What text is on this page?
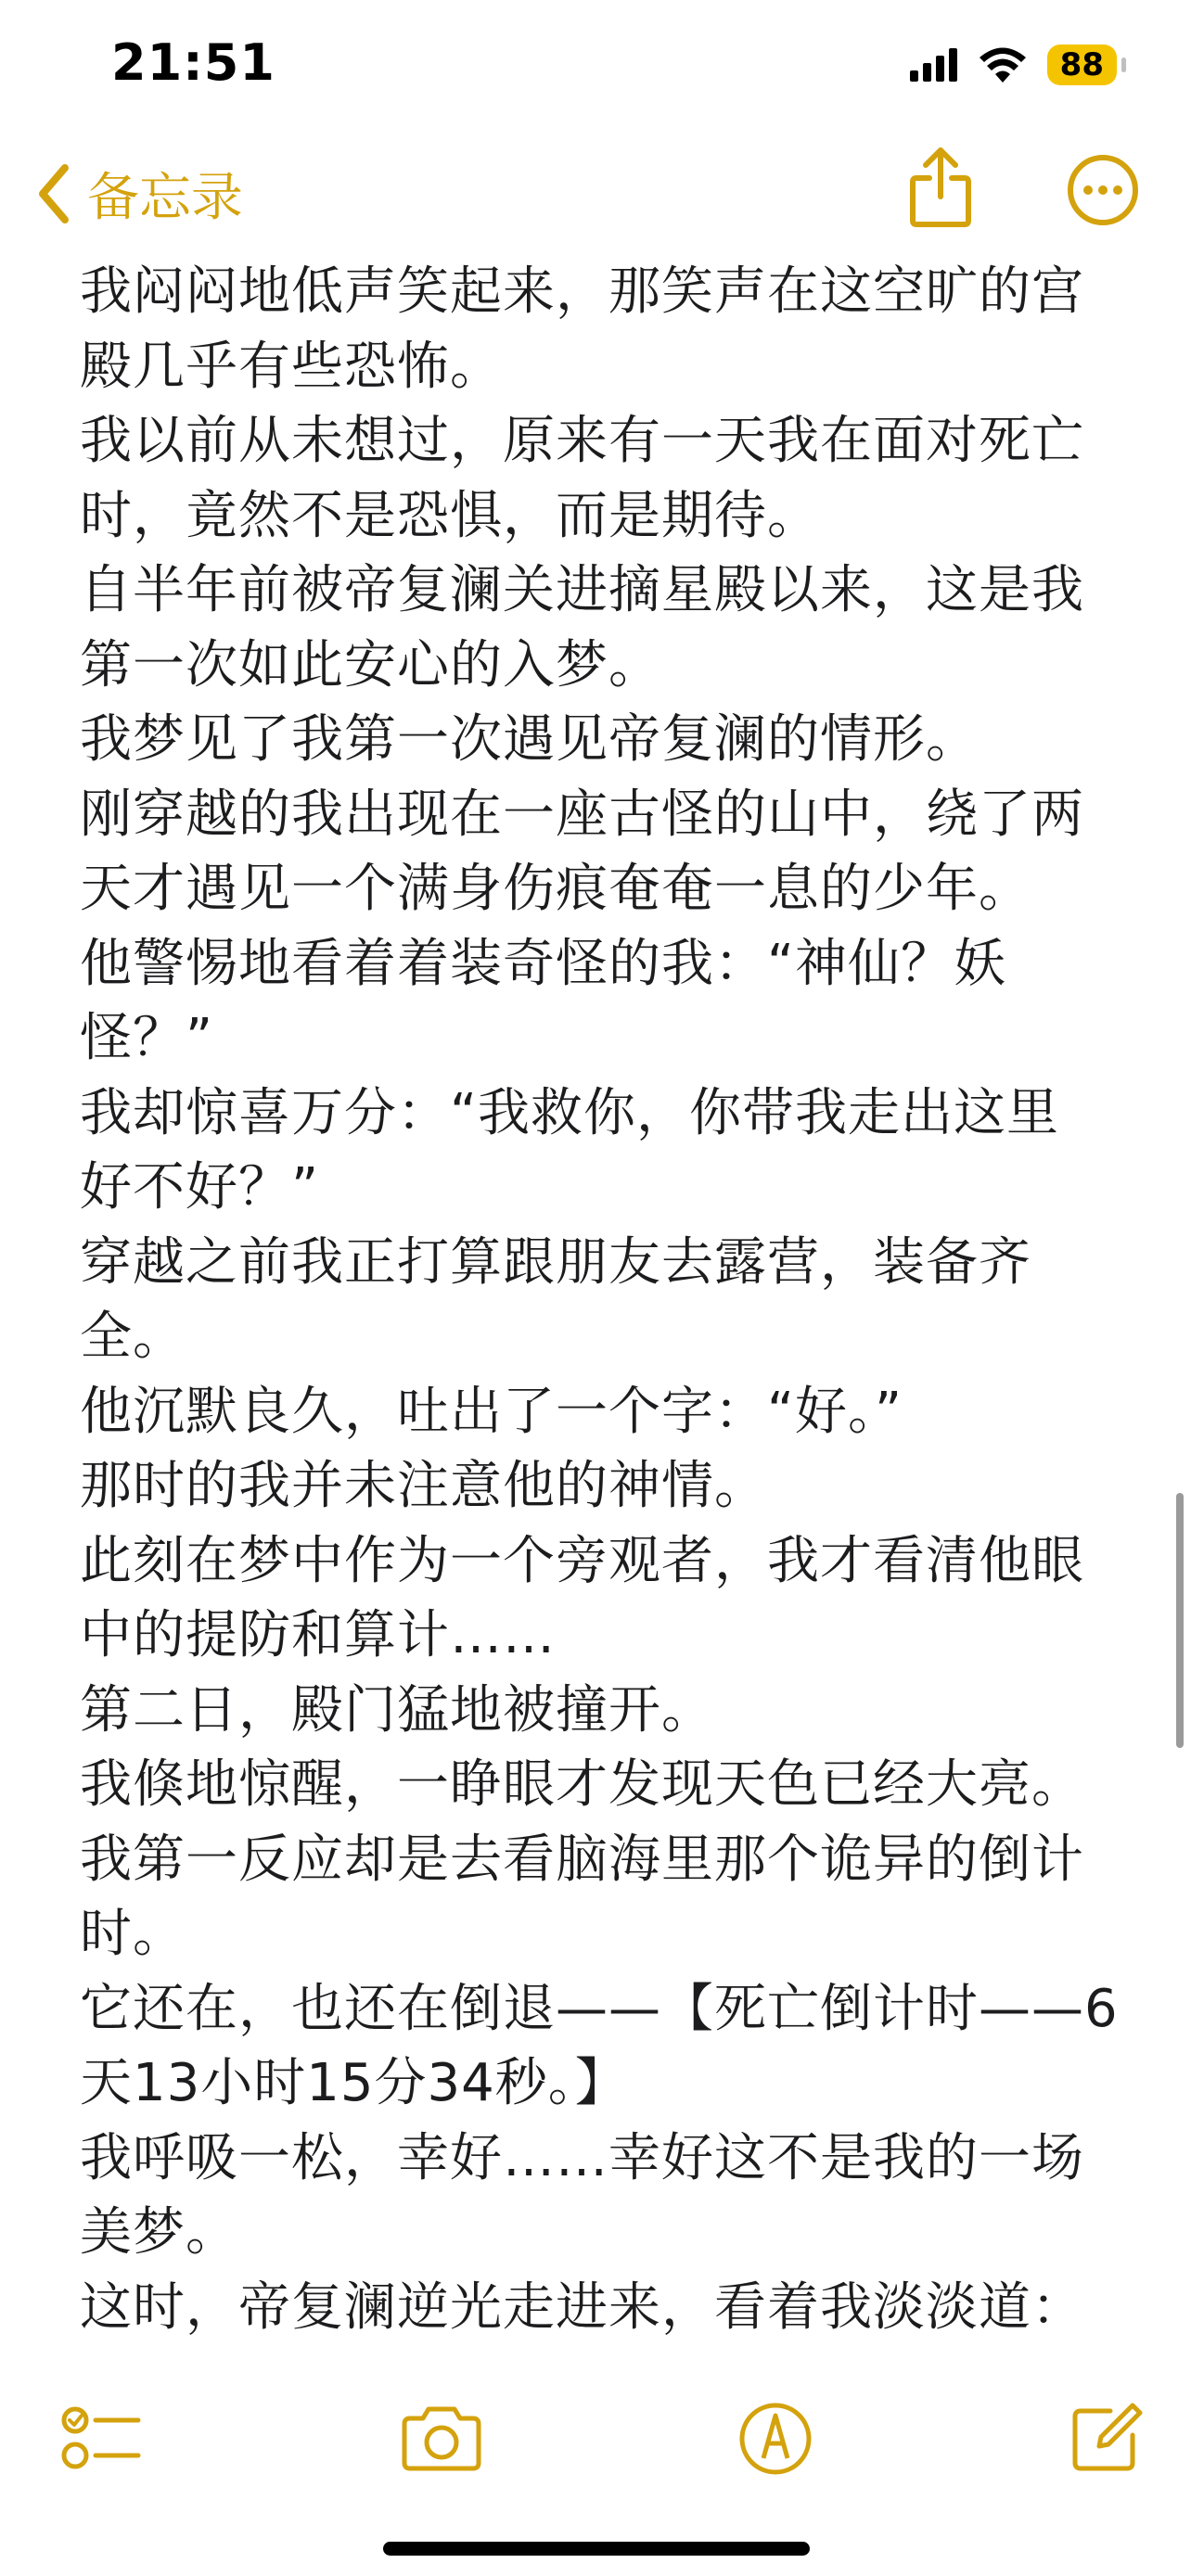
21:51	88
备忘录
我闷闷地低声笑起来，那笑声在这空旷的宫
殿几乎有些恐怖。
我以前从未想过，原来有一天我在面对死亡
时，竟然不是恐惧，而是期待。
自半年前被帝复澜关进摘星殿以来，这是我
第一次如此安心的入梦。
我梦见了我第一次遇见帝复澜的情形。
刚穿越的我出现在一座古怪的山中，绕了两
天才遇见一个满身伤痕奄奄一息的少年。
他警惕地看着着装奇怪的我：“神仙？妖
怪？”
我却惊喜万分：“我救你，你带我走出这里
好不好？”
穿越之前我正打算跟朋友去露营，装备齐
全。
他沉默良久，吐出了一个字：“好。”
那时的我并未注意他的神情。
此刻在梦中作为一个旁观者，我才看清他眼
中的提防和算计……
第二日，殿门猛地被撞开。
我倏地惊醒，一睁眼才发现天色已经大亮。
我第一反应却是去看脑海里那个诡异的倒计
时。
它还在，也还在倒退——【死亡倒计时——6
天13小时15分34秒。】
我呼吸一松，幸好……幸好这不是我的一场
美梦。
这时，帝复澜逆光走进来，看着我淡淡道：
